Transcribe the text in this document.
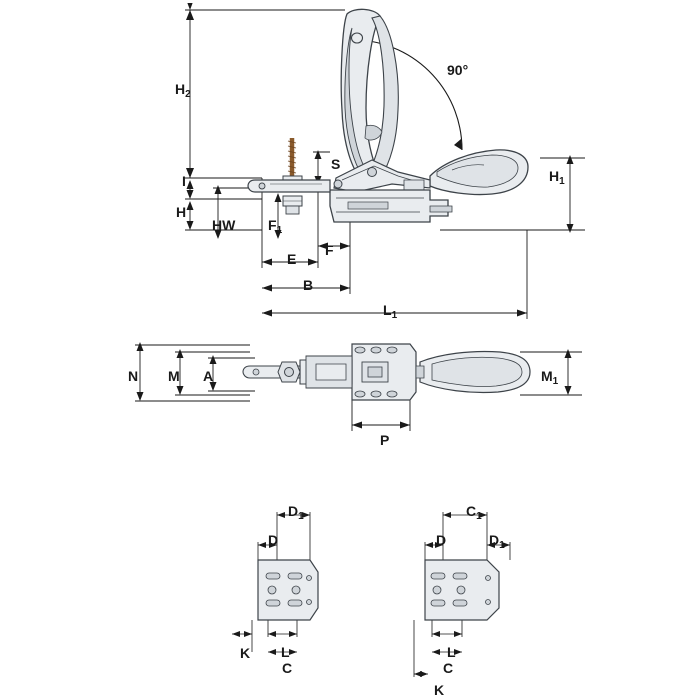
$H_2$
I
H
HW $F_1$
S
E
F
B
$L_1$
$H_1$
N M A	$M_1$
P
$D_1$
D
L
C
K
$C_1$
D	$D_1$
L
C
K
90°
